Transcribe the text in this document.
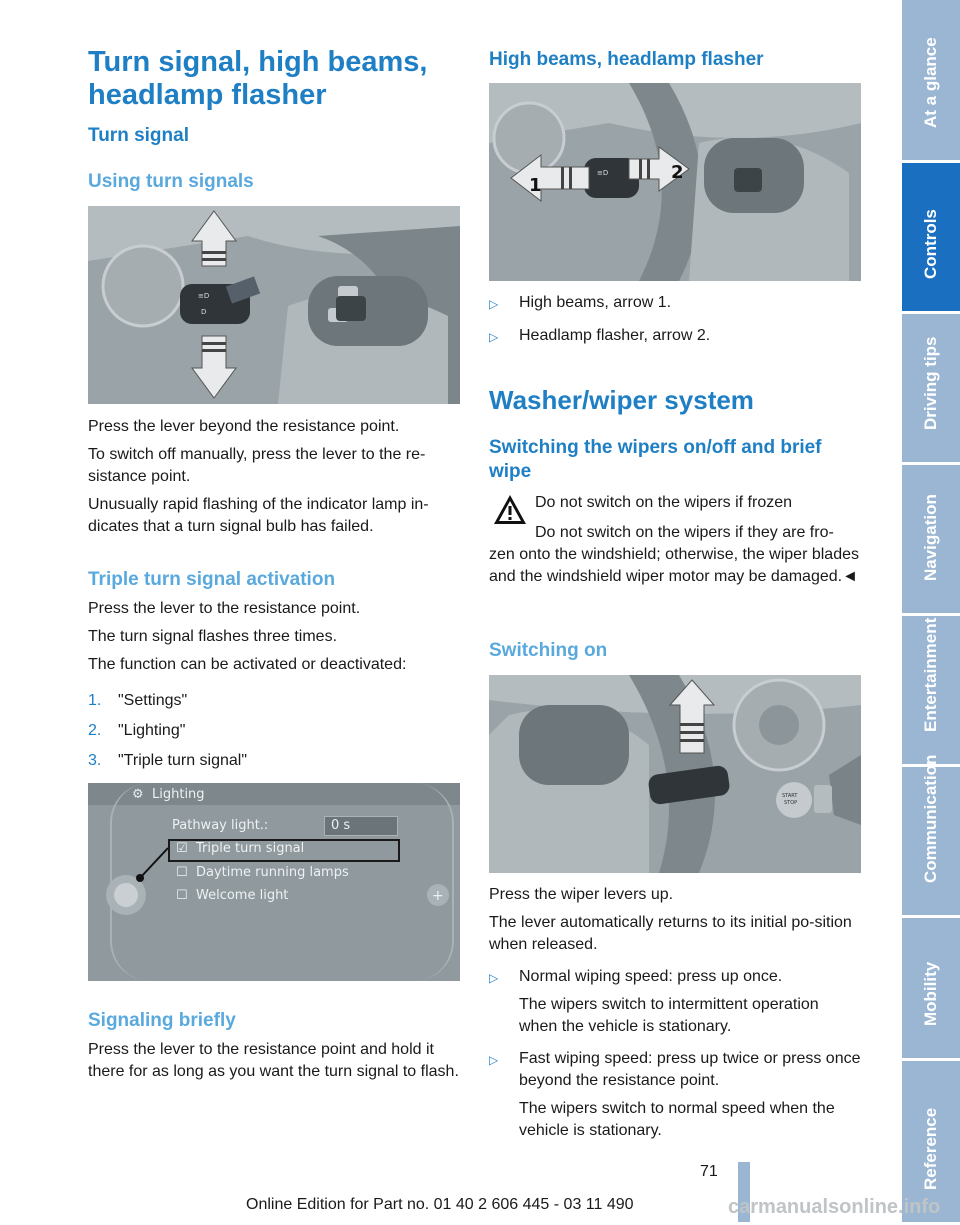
Turn signal, high beams, headlamp flasher
Turn signal
Using turn signals
≡D
D

Press the lever beyond the resistance point.

To switch off manually, press the lever to the re-sistance point.

Unusually rapid flashing of the indicator lamp in-dicates that a turn signal bulb has failed.

Triple turn signal activation

Press the lever to the resistance point.

The turn signal flashes three times.

The function can be activated or deactivated:

1.	"Settings"
2.	"Lighting"
3.	"Triple turn signal"
⚙ Lighting
Pathway light.:	0 s
☑ Triple turn signal
☐ Daytime running lamps
☐ Welcome light	+
Signaling briefly

Press the lever to the resistance point and hold it there for as long as you want the turn signal to flash.

High beams, headlamp flasher
≡D
1
2
▷	High beams, arrow 1.
▷	Headlamp flasher, arrow 2.
Washer/wiper system
Switching the wipers on/off and brief wipe
Do not switch on the wipers if frozen
Do not switch on the wipers if they are fro-
zen onto the windshield; otherwise, the wiper blades and the windshield wiper motor may be damaged.◄
Switching on
START
STOP

Press the wiper levers up.

The lever automatically returns to its initial po-sition when released.

▷	Normal wiping speed: press up once.
The wipers switch to intermittent operation when the vehicle is stationary.
▷	Fast wiping speed: press up twice or press once beyond the resistance point.
The wipers switch to normal speed when the vehicle is stationary.
At a glance
Controls
Driving tips
Navigation
Entertainment
Communication
Mobility
Reference
71
Online Edition for Part no. 01 40 2 606 445 - 03 11 490	carmanualsonline.info
